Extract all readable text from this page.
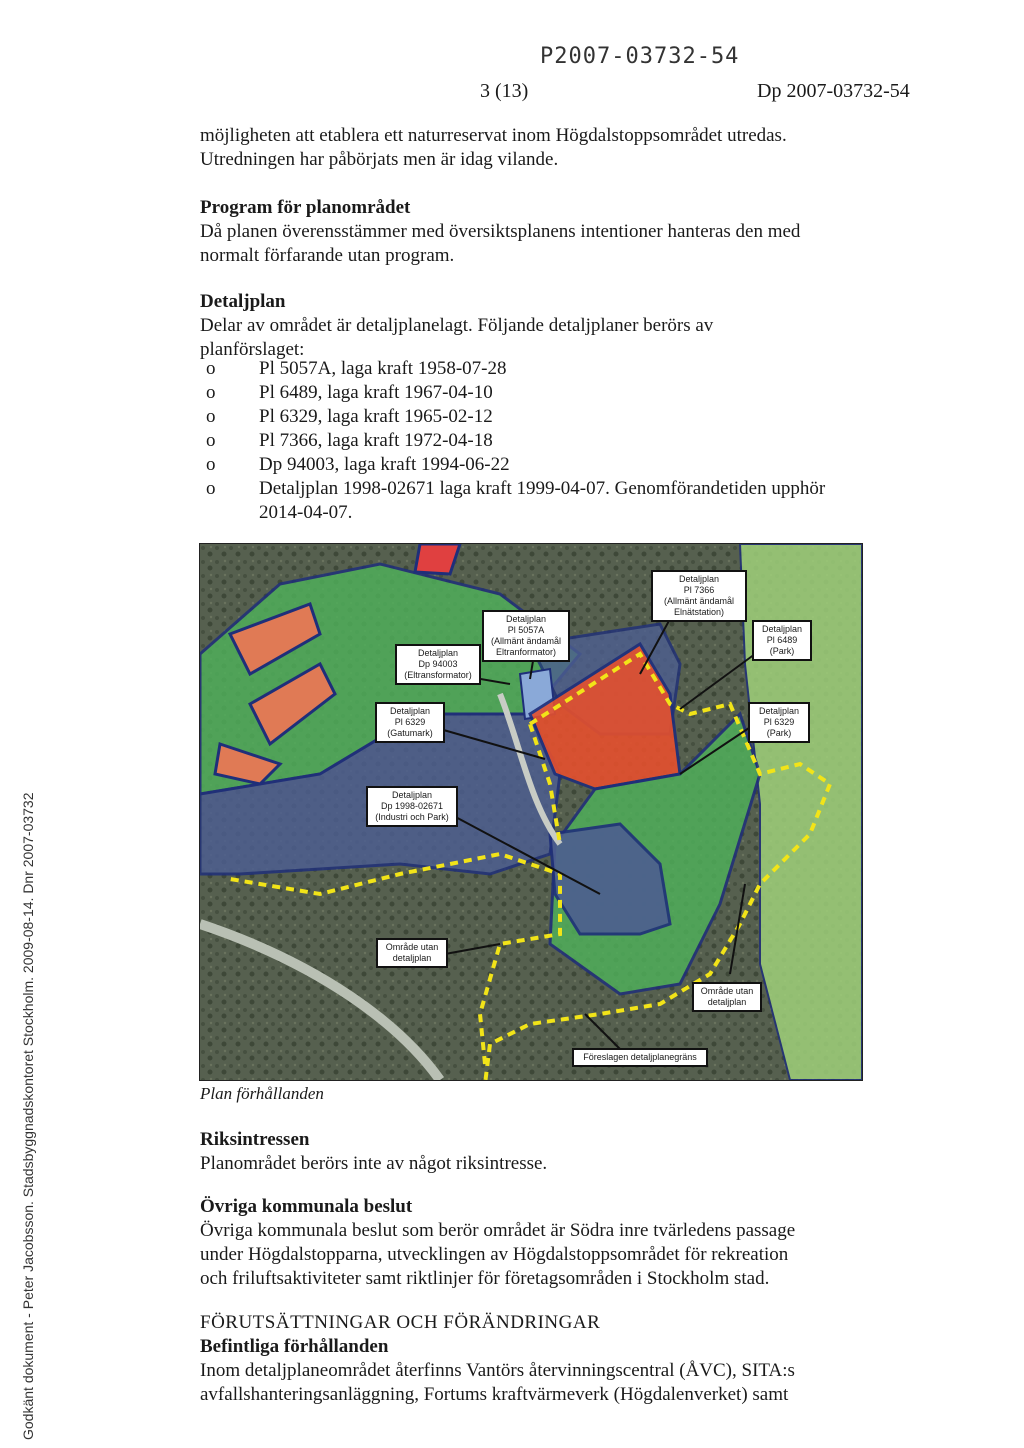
P2007-03732-54
3 (13)	Dp 2007-03732-54
Godkänt dokument - Peter Jacobsson. Stadsbyggnadskontoret Stockholm. 2009-08-14. Dnr 2007-03732
möjligheten att etablera ett naturreservat inom Högdalstoppsområdet utredas.
Utredningen har påbörjats men är idag vilande.
Program för planområdet
Då planen överensstämmer med översiktsplanens intentioner hanteras den med
normalt förfarande utan program.
Detaljplan
Delar av området är detaljplanelagt. Följande detaljplaner berörs av
planförslaget:
o Pl 5057A, laga kraft 1958-07-28
o Pl 6489, laga kraft 1967-04-10
o Pl 6329, laga kraft 1965-02-12
o Pl 7366, laga kraft 1972-04-18
o Dp 94003, laga kraft 1994-06-22
o Detaljplan 1998-02671 laga kraft 1999-04-07. Genomförandetiden upphör 2014-04-07.
Detaljplan
Pl 7366
(Allmänt ändamål
Elnätstation)
Detaljplan
Pl 5057A
(Allmänt ändamål
Eltranformator)
Detaljplan
Dp 94003
(Eltransformator)
Detaljplan
Pl 6489
(Park)
Detaljplan
Pl 6329
(Gatumark)
Detaljplan
Pl 6329
(Park)
Detaljplan
Dp 1998-02671
(Industri och Park)
Område utan
detaljplan
Område utan
detaljplan
Föreslagen detaljplanegräns
Plan förhållanden
Riksintressen
Planområdet berörs inte av något riksintresse.
Övriga kommunala beslut
Övriga kommunala beslut som berör området är Södra inre tvärledens passage
under Högdalstopparna, utvecklingen av Högdalstoppsområdet för rekreation
och friluftsaktiviteter samt riktlinjer för företagsområden i Stockholm stad.
FÖRUTSÄTTNINGAR OCH FÖRÄNDRINGAR
Befintliga förhållanden
Inom detaljplaneområdet återfinns Vantörs återvinningscentral (ÅVC), SITA:s
avfallshanteringsanläggning, Fortums kraftvärmeverk (Högdalenverket) samt
